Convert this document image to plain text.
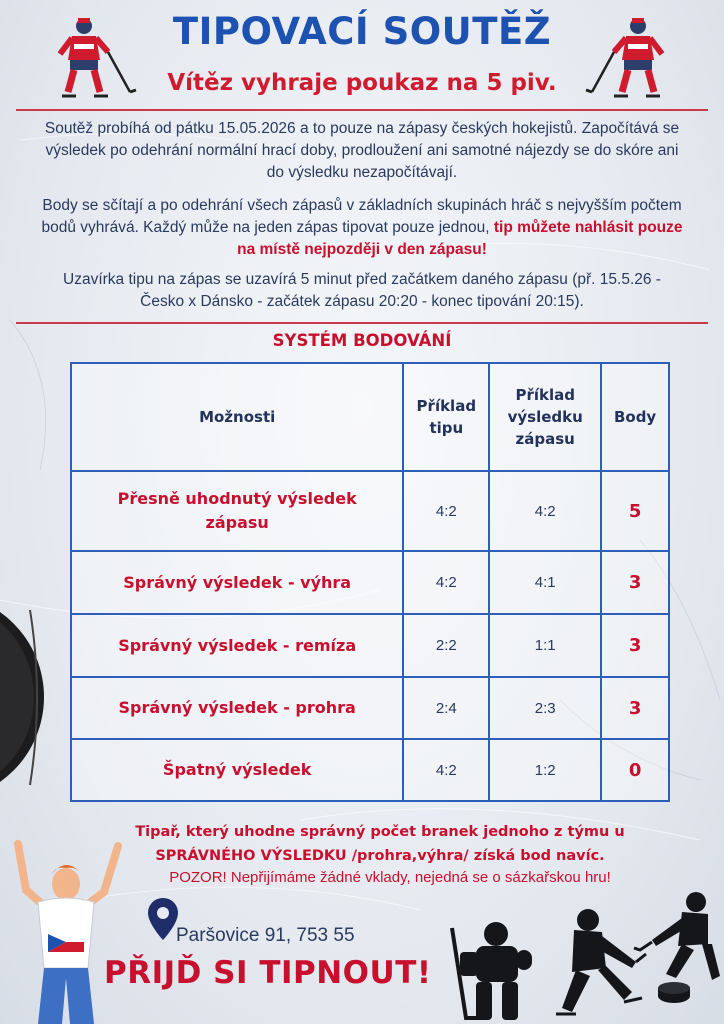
TIPOVACÍ SOUTĚŽ
Vítěz vyhraje poukaz na 5 piv.
Soutěž probíhá od pátku 15.05.2026 a to pouze na zápasy českých hokejistů. Započítává se výsledek po odehrání normální hrací doby, prodloužení ani samotné nájezdy se do skóre ani do výsledku nezapočítávají.
Body se sčítají a po odehrání všech zápasů v základních skupinách hráč s nejvyšším počtem bodů vyhrává. Každý může na jeden zápas tipovat pouze jednou, tip můžete nahlásit pouze na místě nejpozději v den zápasu!
Uzavírka tipu na zápas se uzavírá 5 minut před začátkem daného zápasu (př. 15.5.26 - Česko x Dánsko - začátek zápasu 20:20 - konec tipování 20:15).
SYSTÉM BODOVÁNÍ
Možnosti	Příklad tipu	Příklad výsledku zápasu	Body
Přesně uhodnutý výsledek zápasu	4:2	4:2	5
Správný výsledek - výhra	4:2	4:1	3
Správný výsledek - remíza	2:2	1:1	3
Správný výsledek - prohra	2:4	2:3	3
Špatný výsledek	4:2	1:2	0
Tipař, který uhodne správný počet branek jednoho z týmu u SPRÁVNÉHO VÝSLEDKU /prohra,výhra/ získá bod navíc.
POZOR! Nepřijímáme žádné vklady, nejedná se o sázkařskou hru!
Paršovice 91, 753 55
PŘIJĎ SI TIPNOUT!
